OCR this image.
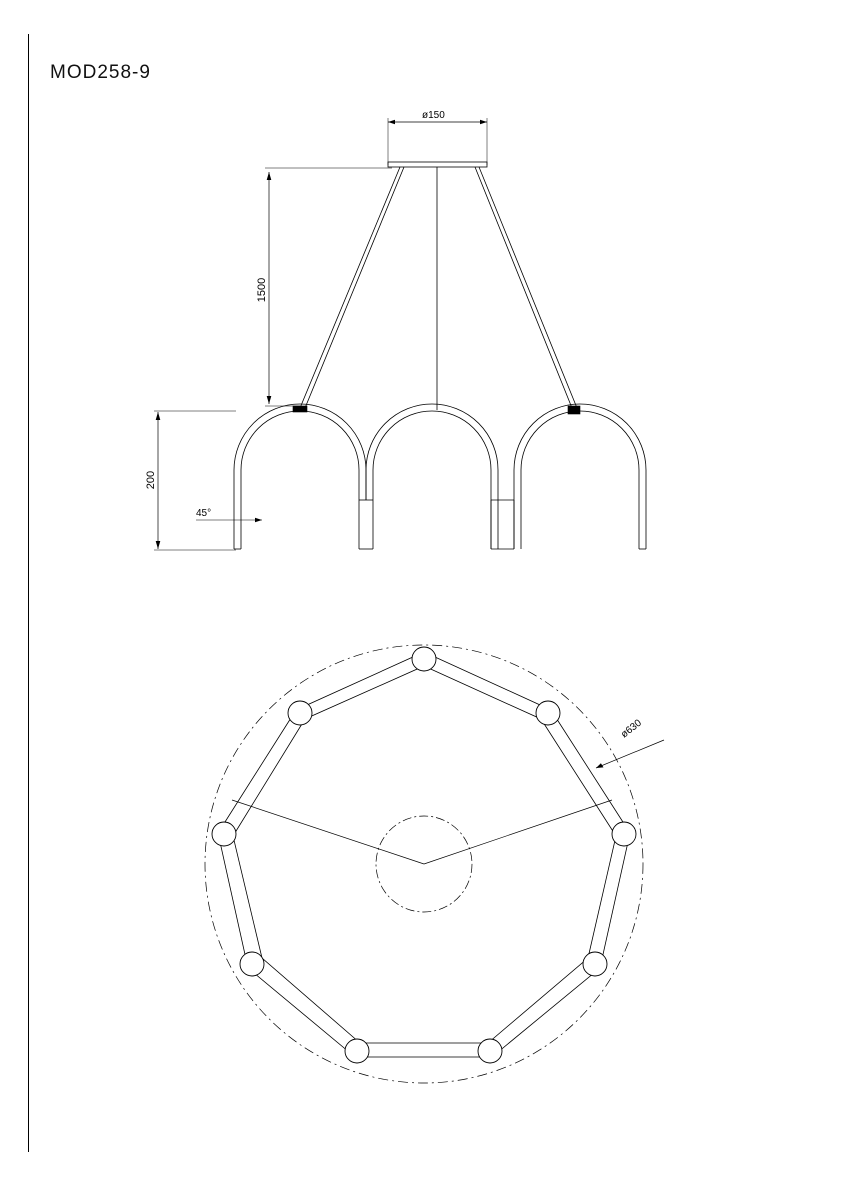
MOD258-9
ø150
1500
200
45°
ø630
